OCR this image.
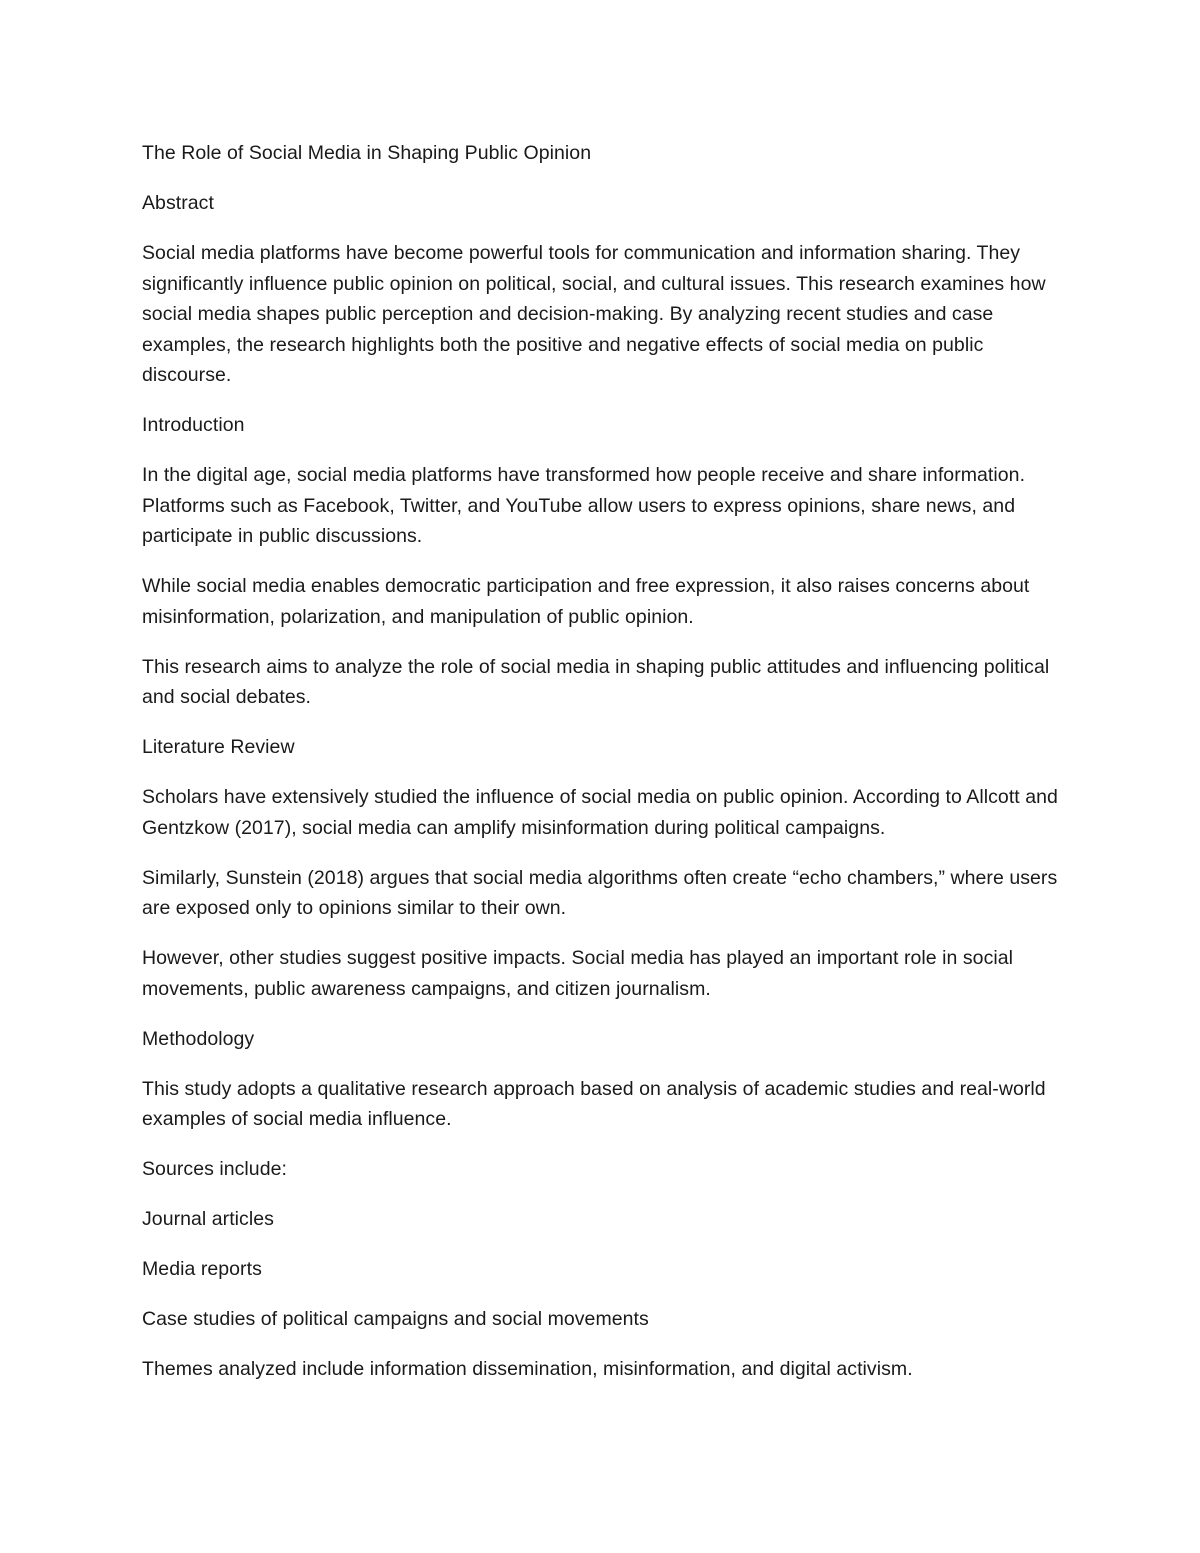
The Role of Social Media in Shaping Public Opinion

Abstract

Social media platforms have become powerful tools for communication and information sharing. They significantly influence public opinion on political, social, and cultural issues. This research examines how social media shapes public perception and decision-making. By analyzing recent studies and case examples, the research highlights both the positive and negative effects of social media on public discourse.

Introduction

In the digital age, social media platforms have transformed how people receive and share information. Platforms such as Facebook, Twitter, and YouTube allow users to express opinions, share news, and participate in public discussions.

While social media enables democratic participation and free expression, it also raises concerns about misinformation, polarization, and manipulation of public opinion.

This research aims to analyze the role of social media in shaping public attitudes and influencing political and social debates.

Literature Review

Scholars have extensively studied the influence of social media on public opinion. According to Allcott and Gentzkow (2017), social media can amplify misinformation during political campaigns.

Similarly, Sunstein (2018) argues that social media algorithms often create “echo chambers,” where users are exposed only to opinions similar to their own.

However, other studies suggest positive impacts. Social media has played an important role in social movements, public awareness campaigns, and citizen journalism.

Methodology

This study adopts a qualitative research approach based on analysis of academic studies and real-world examples of social media influence.

Sources include:

Journal articles

Media reports

Case studies of political campaigns and social movements

Themes analyzed include information dissemination, misinformation, and digital activism.
